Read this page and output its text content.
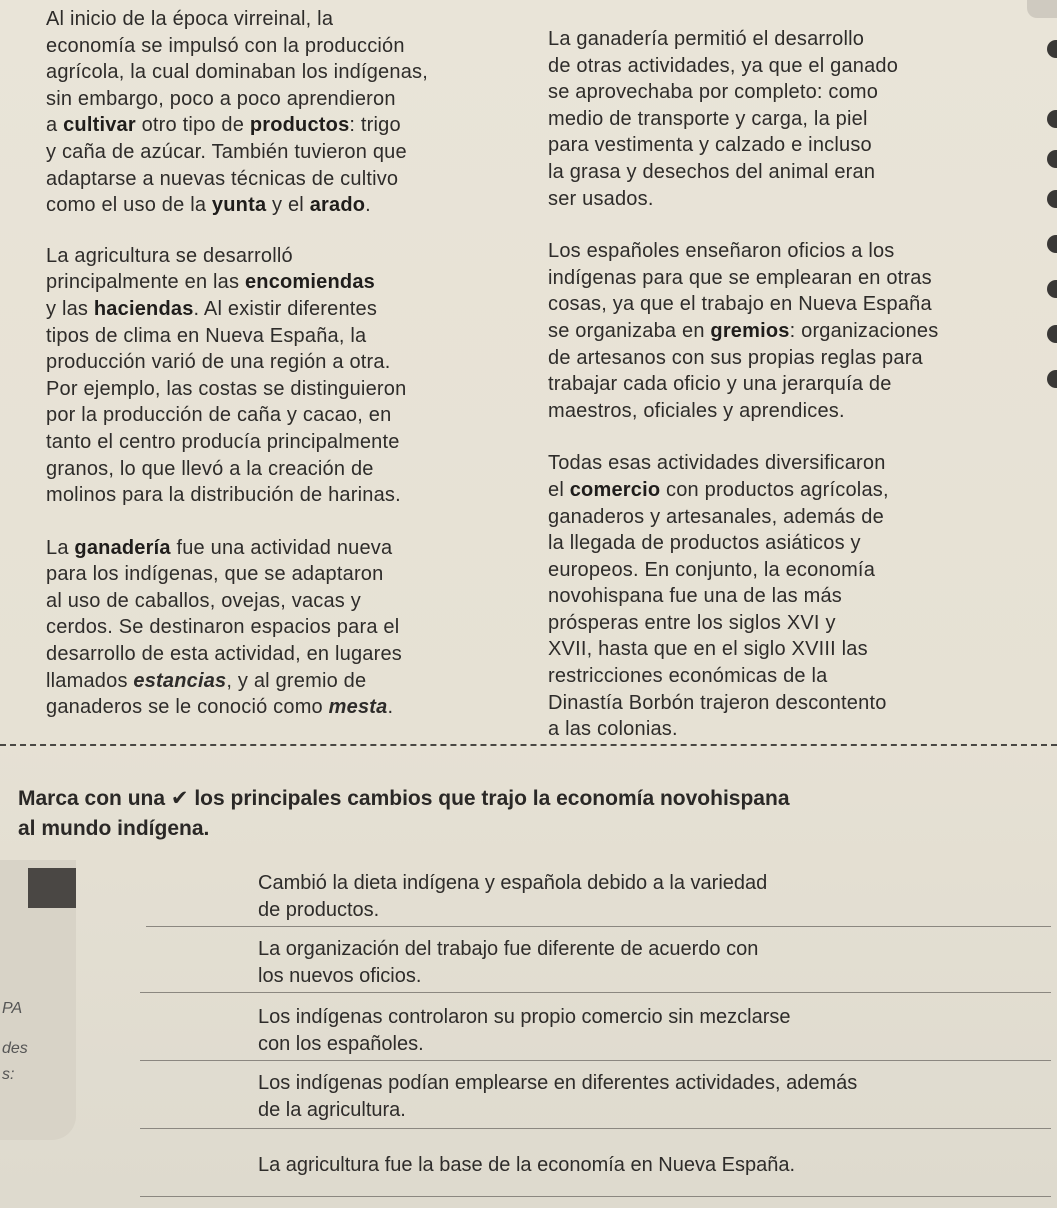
Al inicio de la época virreinal, la
economía se impulsó con la producción
agrícola, la cual dominaban los indígenas,
sin embargo, poco a poco aprendieron
a cultivar otro tipo de productos: trigo
y caña de azúcar. También tuvieron que
adaptarse a nuevas técnicas de cultivo
como el uso de la yunta y el arado.

La agricultura se desarrolló
principalmente en las encomiendas
y las haciendas. Al existir diferentes
tipos de clima en Nueva España, la
producción varió de una región a otra.
Por ejemplo, las costas se distinguieron
por la producción de caña y cacao, en
tanto el centro producía principalmente
granos, lo que llevó a la creación de
molinos para la distribución de harinas.

La ganadería fue una actividad nueva
para los indígenas, que se adaptaron
al uso de caballos, ovejas, vacas y
cerdos. Se destinaron espacios para el
desarrollo de esta actividad, en lugares
llamados estancias, y al gremio de
ganaderos se le conoció como mesta.

La ganadería permitió el desarrollo
de otras actividades, ya que el ganado
se aprovechaba por completo: como
medio de transporte y carga, la piel
para vestimenta y calzado e incluso
la grasa y desechos del animal eran
ser usados.

Los españoles enseñaron oficios a los
indígenas para que se emplearan en otras
cosas, ya que el trabajo en Nueva España
se organizaba en gremios: organizaciones
de artesanos con sus propias reglas para
trabajar cada oficio y una jerarquía de
maestros, oficiales y aprendices.

Todas esas actividades diversificaron
el comercio con productos agrícolas,
ganaderos y artesanales, además de
la llegada de productos asiáticos y
europeos. En conjunto, la economía
novohispana fue una de las más
prósperas entre los siglos XVI y
XVII, hasta que en el siglo XVIII las
restricciones económicas de la
Dinastía Borbón trajeron descontento
a las colonias.

Marca con una ✔ los principales cambios que trajo la economía novohispana
al mundo indígena.
PA
des
s:
Cambió la dieta indígena y española debido a la variedad
de productos.
La organización del trabajo fue diferente de acuerdo con
los nuevos oficios.
Los indígenas controlaron su propio comercio sin mezclarse
con los españoles.
Los indígenas podían emplearse en diferentes actividades, además
de la agricultura.
La agricultura fue la base de la economía en Nueva España.
